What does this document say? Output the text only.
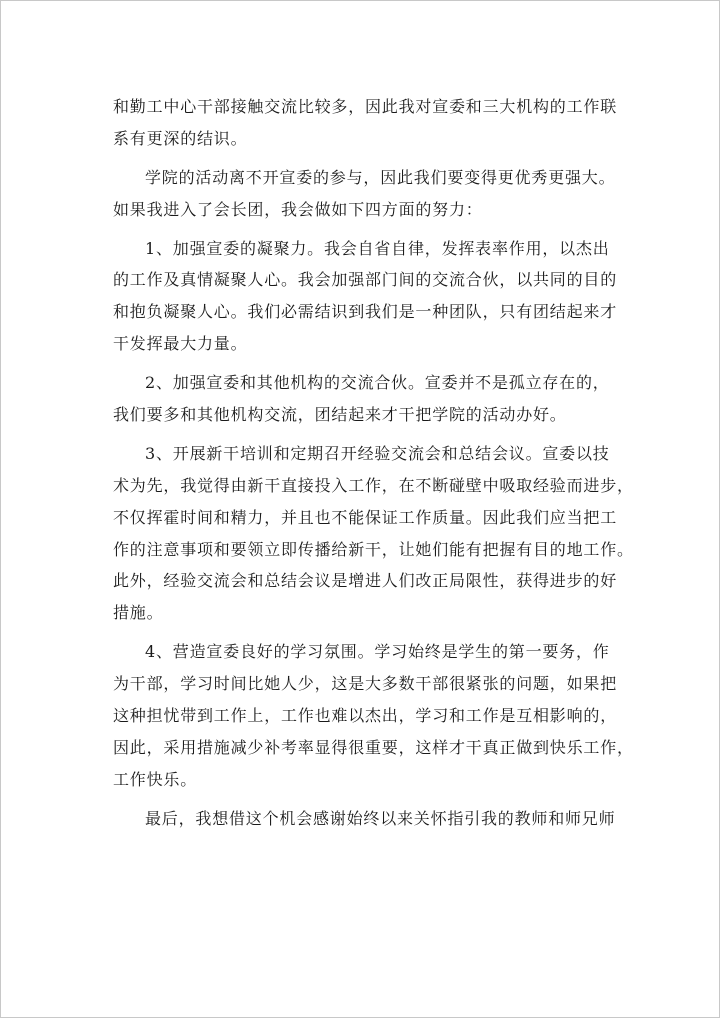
和勤工中心干部接触交流比较多，因此我对宣委和三大机构的工作联
系有更深的结识。
学院的活动离不开宣委的参与，因此我们要变得更优秀更强大。
如果我进入了会长团，我会做如下四方面的努力：
1、加强宣委的凝聚力。我会自省自律，发挥表率作用，以杰出
的工作及真情凝聚人心。我会加强部门间的交流合伙，以共同的目的
和抱负凝聚人心。我们必需结识到我们是一种团队，只有团结起来才
干发挥最大力量。
2、加强宣委和其他机构的交流合伙。宣委并不是孤立存在的，
我们要多和其他机构交流，团结起来才干把学院的活动办好。
3、开展新干培训和定期召开经验交流会和总结会议。宣委以技
术为先，我觉得由新干直接投入工作，在不断碰壁中吸取经验而进步，
不仅挥霍时间和精力，并且也不能保证工作质量。因此我们应当把工
作的注意事项和要领立即传播给新干，让她们能有把握有目的地工作。
此外，经验交流会和总结会议是增进人们改正局限性，获得进步的好
措施。
4、营造宣委良好的学习氛围。学习始终是学生的第一要务，作
为干部，学习时间比她人少，这是大多数干部很紧张的问题，如果把
这种担忧带到工作上，工作也难以杰出，学习和工作是互相影响的，
因此，采用措施减少补考率显得很重要，这样才干真正做到快乐工作，
工作快乐。
最后，我想借这个机会感谢始终以来关怀指引我的教师和师兄师
